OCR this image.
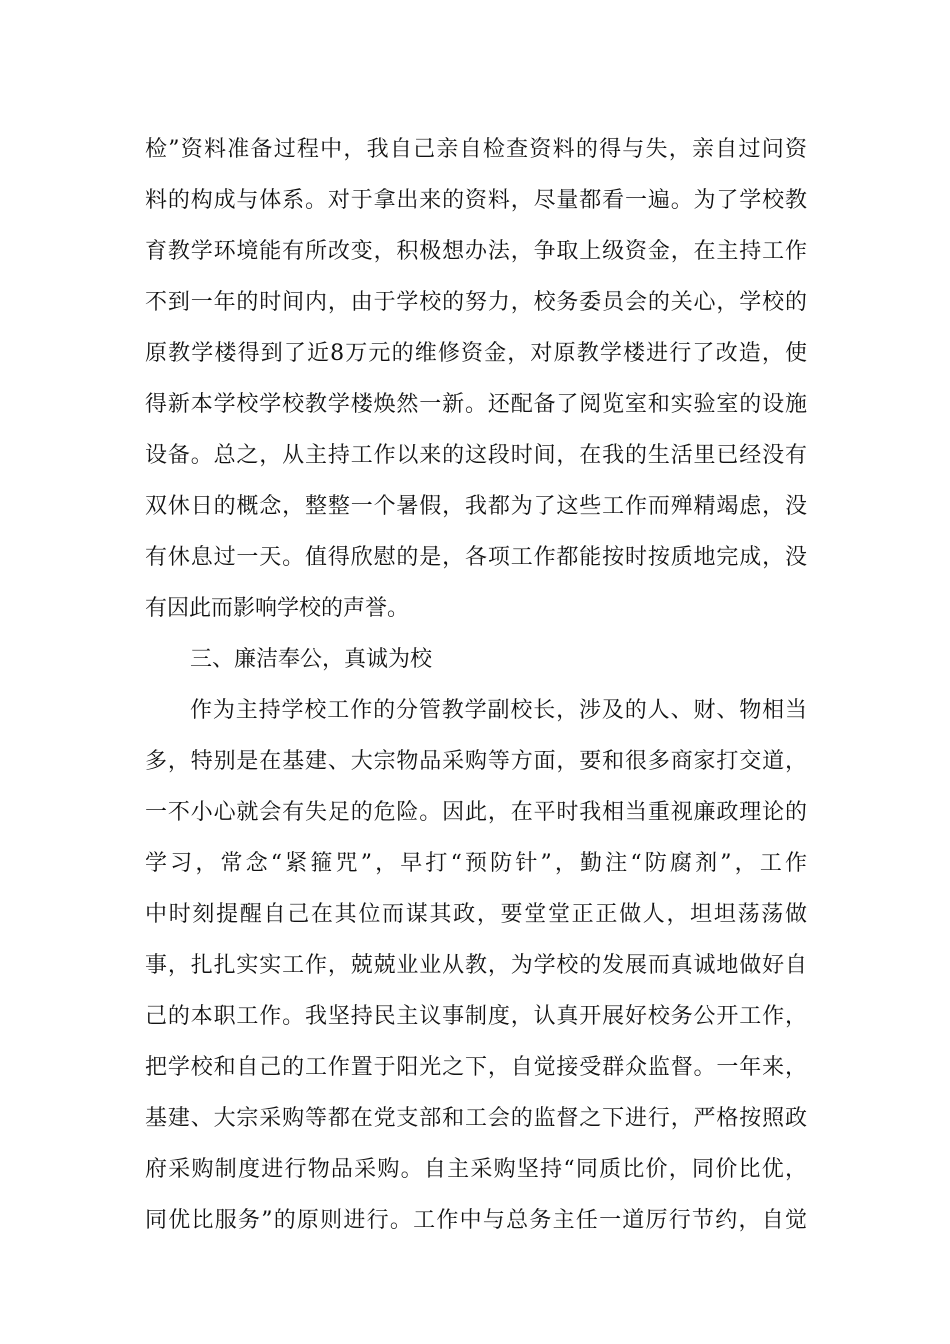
检”资料准备过程中，我自己亲自检查资料的得与失，亲自过问资
料的构成与体系。对于拿出来的资料，尽量都看一遍。为了学校教
育教学环境能有所改变，积极想办法，争取上级资金，在主持工作
不到一年的时间内，由于学校的努力，校务委员会的关心，学校的
原教学楼得到了近8万元的维修资金，对原教学楼进行了改造，使
得新本学校学校教学楼焕然一新。还配备了阅览室和实验室的设施
设备。总之，从主持工作以来的这段时间，在我的生活里已经没有
双休日的概念，整整一个暑假，我都为了这些工作而殚精竭虑，没
有休息过一天。值得欣慰的是，各项工作都能按时按质地完成，没
有因此而影响学校的声誉。
三、廉洁奉公，真诚为校
作为主持学校工作的分管教学副校长，涉及的人、财、物相当
多，特别是在基建、大宗物品采购等方面，要和很多商家打交道，
一不小心就会有失足的危险。因此，在平时我相当重视廉政理论的
学习，常念“紧箍咒”，早打“预防针”，勤注“防腐剂”，工作
中时刻提醒自己在其位而谋其政，要堂堂正正做人，坦坦荡荡做
事，扎扎实实工作，兢兢业业从教，为学校的发展而真诚地做好自
己的本职工作。我坚持民主议事制度，认真开展好校务公开工作，
把学校和自己的工作置于阳光之下，自觉接受群众监督。一年来，
基建、大宗采购等都在党支部和工会的监督之下进行，严格按照政
府采购制度进行物品采购。自主采购坚持“同质比价，同价比优，
同优比服务”的原则进行。工作中与总务主任一道厉行节约，自觉
